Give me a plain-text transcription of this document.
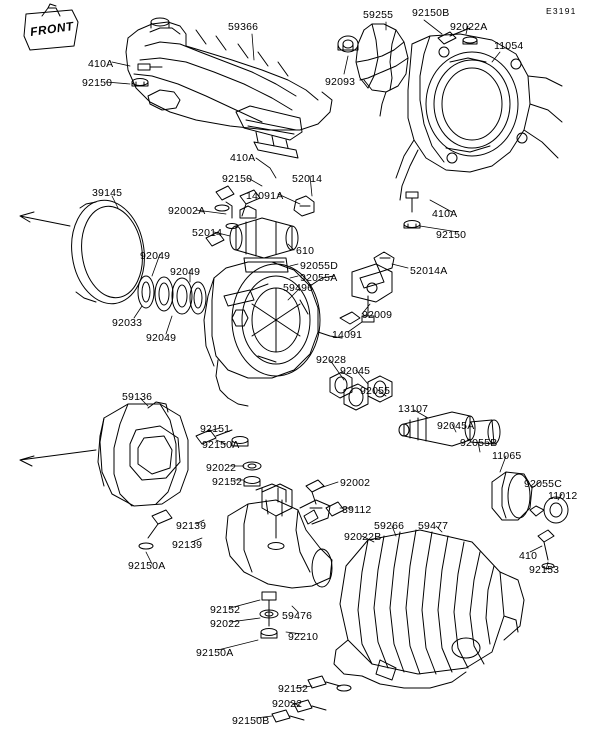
FRONT
E3191
59366
59255 92150B
92022A
11054
410A
92150	92093
410A
92150	52014
14091A
410A
92150
39145
92002A
52014
610
92055D
92055A
52014A
92049
92049
59496
92033
92049
92009
14091
92028
92045
92055
13107
92045A
92055B
11065
59136
92151
92150A
92022
92152	92002	92055C
11012
39112
92139
92139
59266 59477
92022B
410
92153
92150A
92152	59476
92022
92210
92150A
92152
92022
92150B
